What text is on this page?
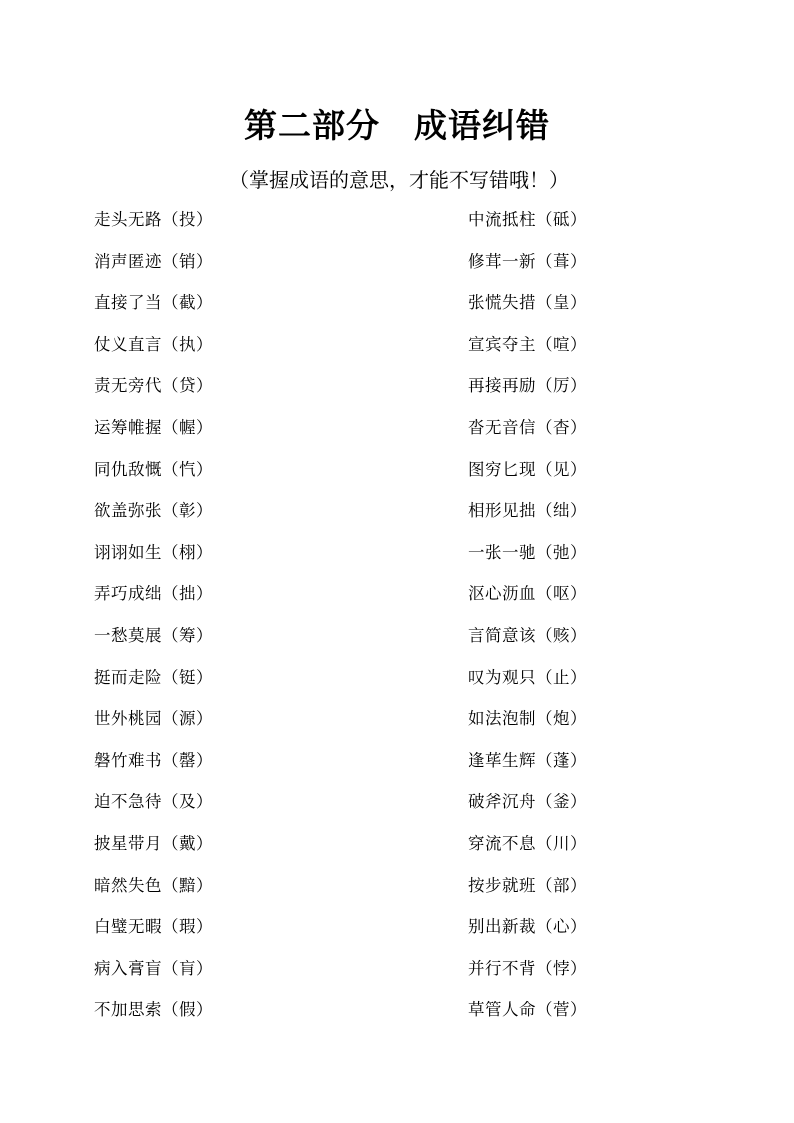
第二部分　成语纠错
（掌握成语的意思，才能不写错哦！）
走头无路（投）
消声匿迹（销）
直接了当（截）
仗义直言（执）
责无旁代（贷）
运筹帷握（幄）
同仇敌慨（忾）
欲盖弥张（彰）
诩诩如生（栩）
弄巧成绌（拙）
一愁莫展（筹）
挺而走险（铤）
世外桃园（源）
磐竹难书（罄）
迫不急待（及）
披星带月（戴）
暗然失色（黯）
白璧无暇（瑕）
病入膏盲（肓）
不加思索（假）
中流抵柱（砥）
修茸一新（葺）
张慌失措（皇）
宣宾夺主（喧）
再接再励（厉）
沓无音信（杳）
图穷匕现（见）
相形见拙（绌）
一张一驰（弛）
沤心沥血（呕）
言简意该（赅）
叹为观只（止）
如法泡制（炮）
逢荜生辉（蓬）
破斧沉舟（釜）
穿流不息（川）
按步就班（部）
别出新裁（心）
并行不背（悖）
草管人命（菅）
